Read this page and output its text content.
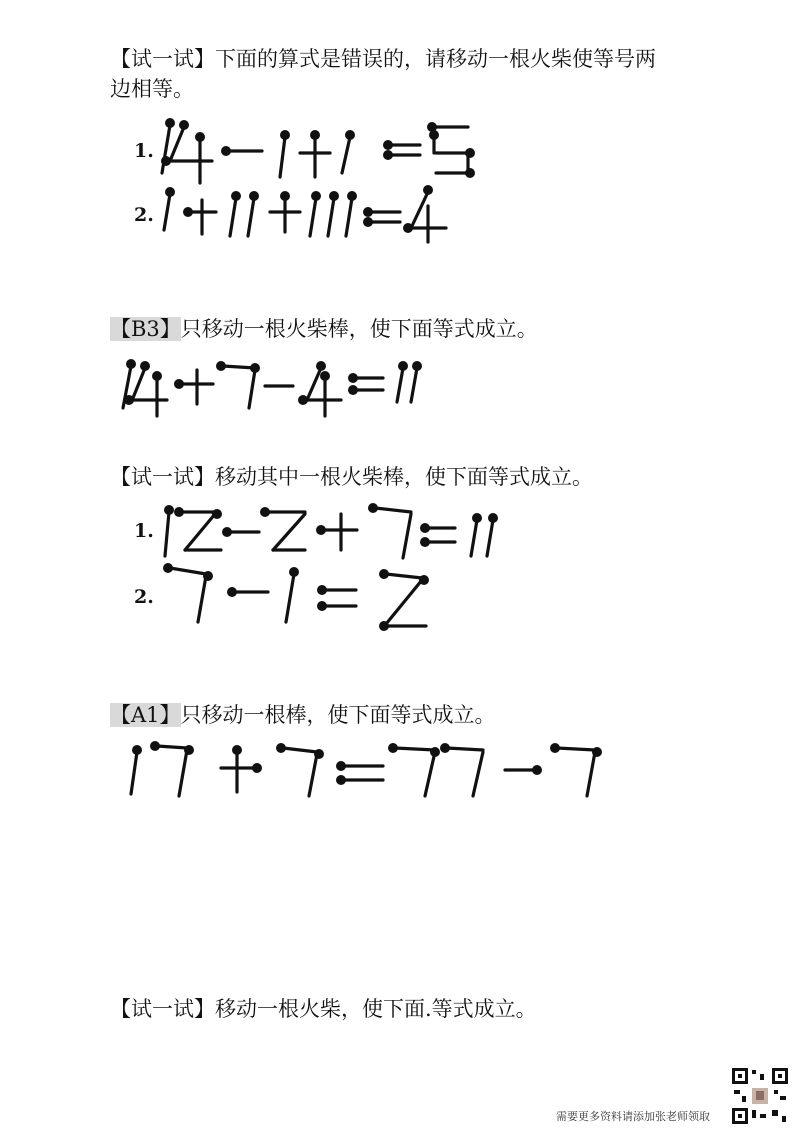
【试一试】下面的算式是错误的，请移动一根火柴使等号两
边相等。
1.
2.
【B3】只移动一根火柴棒，使下面等式成立。
【试一试】移动其中一根火柴棒，使下面等式成立。
1.
2.
【A1】只移动一根棒，使下面等式成立。
【试一试】移动一根火柴，使下面.等式成立。
需要更多资料请添加张老师领取
